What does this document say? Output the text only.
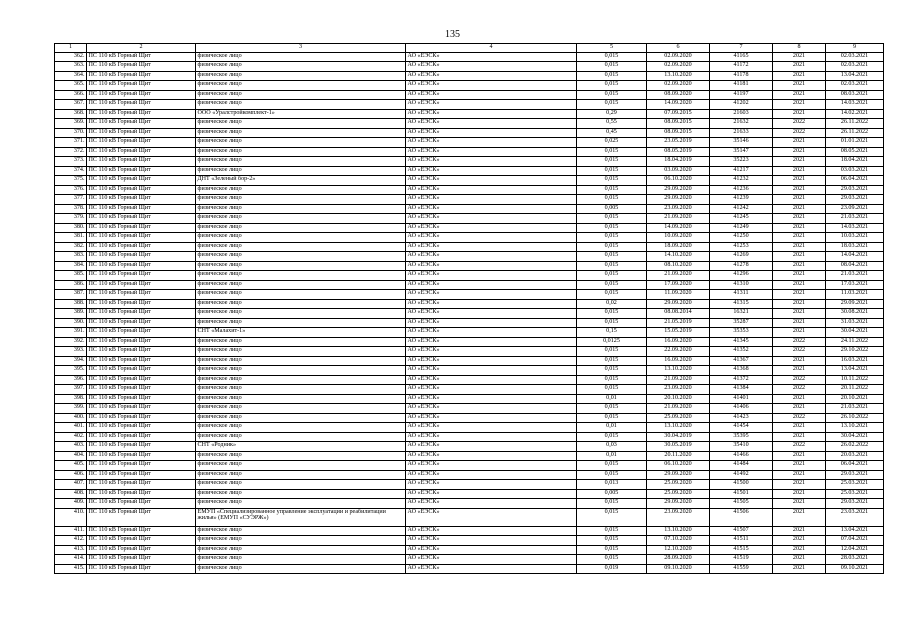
135
1	2	3	4	5	6	7	8	9
362.	ПС 110 кВ Горный Щит	физическое лицо	АО «ЕЭСК»	0,015	02.09.2020	41165	2021	02.03.2021
363.	ПС 110 кВ Горный Щит	физическое лицо	АО «ЕЭСК»	0,015	02.09.2020	41172	2021	02.03.2021
364.	ПС 110 кВ Горный Щит	физическое лицо	АО «ЕЭСК»	0,015	13.10.2020	41178	2021	13.04.2021
365.	ПС 110 кВ Горный Щит	физическое лицо	АО «ЕЭСК»	0,015	02.09.2020	41181	2021	02.03.2021
366.	ПС 110 кВ Горный Щит	физическое лицо	АО «ЕЭСК»	0,015	08.09.2020	41197	2021	08.03.2021
367.	ПС 110 кВ Горный Щит	физическое лицо	АО «ЕЭСК»	0,015	14.09.2020	41202	2021	14.03.2021
368.	ПС 110 кВ Горный Щит	ООО «Уралстройкомплект-1»	АО «ЕЭСК»	0,29	07.09.2015	21603	2021	14.02.2021
369.	ПС 110 кВ Горный Щит	физическое лицо	АО «ЕЭСК»	0,55	08.09.2015	21632	2022	26.11.2022
370.	ПС 110 кВ Горный Щит	физическое лицо	АО «ЕЭСК»	0,45	08.09.2015	21633	2022	26.11.2022
371.	ПС 110 кВ Горный Щит	физическое лицо	АО «ЕЭСК»	0,025	23.05.2019	35146	2021	01.01.2021
372.	ПС 110 кВ Горный Щит	физическое лицо	АО «ЕЭСК»	0,015	08.05.2019	35147	2021	08.05.2021
373.	ПС 110 кВ Горный Щит	физическое лицо	АО «ЕЭСК»	0,015	18.04.2019	35223	2021	18.04.2021
374.	ПС 110 кВ Горный Щит	физическое лицо	АО «ЕЭСК»	0,015	03.09.2020	41217	2021	03.03.2021
375.	ПС 110 кВ Горный Щит	ДНТ «Зеленый бор-2»	АО «ЕЭСК»	0,015	06.10.2020	41232	2021	06.04.2021
376.	ПС 110 кВ Горный Щит	физическое лицо	АО «ЕЭСК»	0,015	29.09.2020	41236	2021	29.03.2021
377.	ПС 110 кВ Горный Щит	физическое лицо	АО «ЕЭСК»	0,015	29.09.2020	41239	2021	29.03.2021
378.	ПС 110 кВ Горный Щит	физическое лицо	АО «ЕЭСК»	0,005	23.09.2020	41242	2021	23.09.2021
379.	ПС 110 кВ Горный Щит	физическое лицо	АО «ЕЭСК»	0,015	21.09.2020	41245	2021	21.03.2021
380.	ПС 110 кВ Горный Щит	физическое лицо	АО «ЕЭСК»	0,015	14.09.2020	41249	2021	14.03.2021
381.	ПС 110 кВ Горный Щит	физическое лицо	АО «ЕЭСК»	0,015	10.09.2020	41250	2021	10.03.2021
382.	ПС 110 кВ Горный Щит	физическое лицо	АО «ЕЭСК»	0,015	18.09.2020	41253	2021	18.03.2021
383.	ПС 110 кВ Горный Щит	физическое лицо	АО «ЕЭСК»	0,015	14.10.2020	41269	2021	14.04.2021
384.	ПС 110 кВ Горный Щит	физическое лицо	АО «ЕЭСК»	0,015	08.10.2020	41278	2021	08.04.2021
385.	ПС 110 кВ Горный Щит	физическое лицо	АО «ЕЭСК»	0,015	21.09.2020	41296	2021	21.03.2021
386.	ПС 110 кВ Горный Щит	физическое лицо	АО «ЕЭСК»	0,015	17.09.2020	41310	2021	17.03.2021
387.	ПС 110 кВ Горный Щит	физическое лицо	АО «ЕЭСК»	0,015	11.09.2020	41311	2021	11.03.2021
388.	ПС 110 кВ Горный Щит	физическое лицо	АО «ЕЭСК»	0,02	29.09.2020	41315	2021	29.09.2021
389.	ПС 110 кВ Горный Щит	физическое лицо	АО «ЕЭСК»	0,015	08.08.2014	16321	2021	30.08.2021
390.	ПС 110 кВ Горный Щит	физическое лицо	АО «ЕЭСК»	0,015	21.05.2019	35287	2021	31.03.2021
391.	ПС 110 кВ Горный Щит	СНТ «Малахит-1»	АО «ЕЭСК»	0,15	15.05.2019	35353	2021	30.04.2021
392.	ПС 110 кВ Горный Щит	физическое лицо	АО «ЕЭСК»	0,0125	16.09.2020	41345	2022	24.11.2022
393.	ПС 110 кВ Горный Щит	физическое лицо	АО «ЕЭСК»	0,015	22.09.2020	41352	2022	29.10.2022
394.	ПС 110 кВ Горный Щит	физическое лицо	АО «ЕЭСК»	0,015	16.09.2020	41367	2021	16.03.2021
395.	ПС 110 кВ Горный Щит	физическое лицо	АО «ЕЭСК»	0,015	13.10.2020	41368	2021	13.04.2021
396.	ПС 110 кВ Горный Щит	физическое лицо	АО «ЕЭСК»	0,015	21.09.2020	41372	2022	10.11.2022
397.	ПС 110 кВ Горный Щит	физическое лицо	АО «ЕЭСК»	0,015	23.09.2020	41384	2022	20.11.2022
398.	ПС 110 кВ Горный Щит	физическое лицо	АО «ЕЭСК»	0,01	20.10.2020	41401	2021	20.10.2021
399.	ПС 110 кВ Горный Щит	физическое лицо	АО «ЕЭСК»	0,015	21.09.2020	41406	2021	21.03.2021
400.	ПС 110 кВ Горный Щит	физическое лицо	АО «ЕЭСК»	0,015	25.09.2020	41423	2022	26.10.2022
401.	ПС 110 кВ Горный Щит	физическое лицо	АО «ЕЭСК»	0,01	13.10.2020	41454	2021	13.10.2021
402.	ПС 110 кВ Горный Щит	физическое лицо	АО «ЕЭСК»	0,015	30.04.2019	35395	2021	30.04.2021
403.	ПС 110 кВ Горный Щит	СНТ «Родник»	АО «ЕЭСК»	0,03	30.05.2019	35410	2022	26.02.2022
404.	ПС 110 кВ Горный Щит	физическое лицо	АО «ЕЭСК»	0,01	20.11.2020	41466	2021	20.03.2021
405.	ПС 110 кВ Горный Щит	физическое лицо	АО «ЕЭСК»	0,015	06.10.2020	41484	2021	06.04.2021
406.	ПС 110 кВ Горный Щит	физическое лицо	АО «ЕЭСК»	0,015	29.09.2020	41492	2021	29.03.2021
407.	ПС 110 кВ Горный Щит	физическое лицо	АО «ЕЭСК»	0,013	25.09.2020	41500	2021	25.03.2021
408.	ПС 110 кВ Горный Щит	физическое лицо	АО «ЕЭСК»	0,005	25.09.2020	41501	2021	25.03.2021
409.	ПС 110 кВ Горный Щит	физическое лицо	АО «ЕЭСК»	0,015	29.09.2020	41505	2021	29.03.2021
410.	ПС 110 кВ Горный Щит	ЕМУП «Специализированное управление эксплуатации и реабилитации жилья» (ЕМУП «СУЭРЖ»)	АО «ЕЭСК»	0,015	23.09.2020	41506	2021	23.03.2021
411.	ПС 110 кВ Горный Щит	физическое лицо	АО «ЕЭСК»	0,015	13.10.2020	41507	2021	13.04.2021
412.	ПС 110 кВ Горный Щит	физическое лицо	АО «ЕЭСК»	0,015	07.10.2020	41511	2021	07.04.2021
413.	ПС 110 кВ Горный Щит	физическое лицо	АО «ЕЭСК»	0,015	12.10.2020	41515	2021	12.04.2021
414.	ПС 110 кВ Горный Щит	физическое лицо	АО «ЕЭСК»	0,015	28.09.2020	41519	2021	28.03.2021
415.	ПС 110 кВ Горный Щит	физическое лицо	АО «ЕЭСК»	0,019	09.10.2020	41559	2021	09.10.2021
